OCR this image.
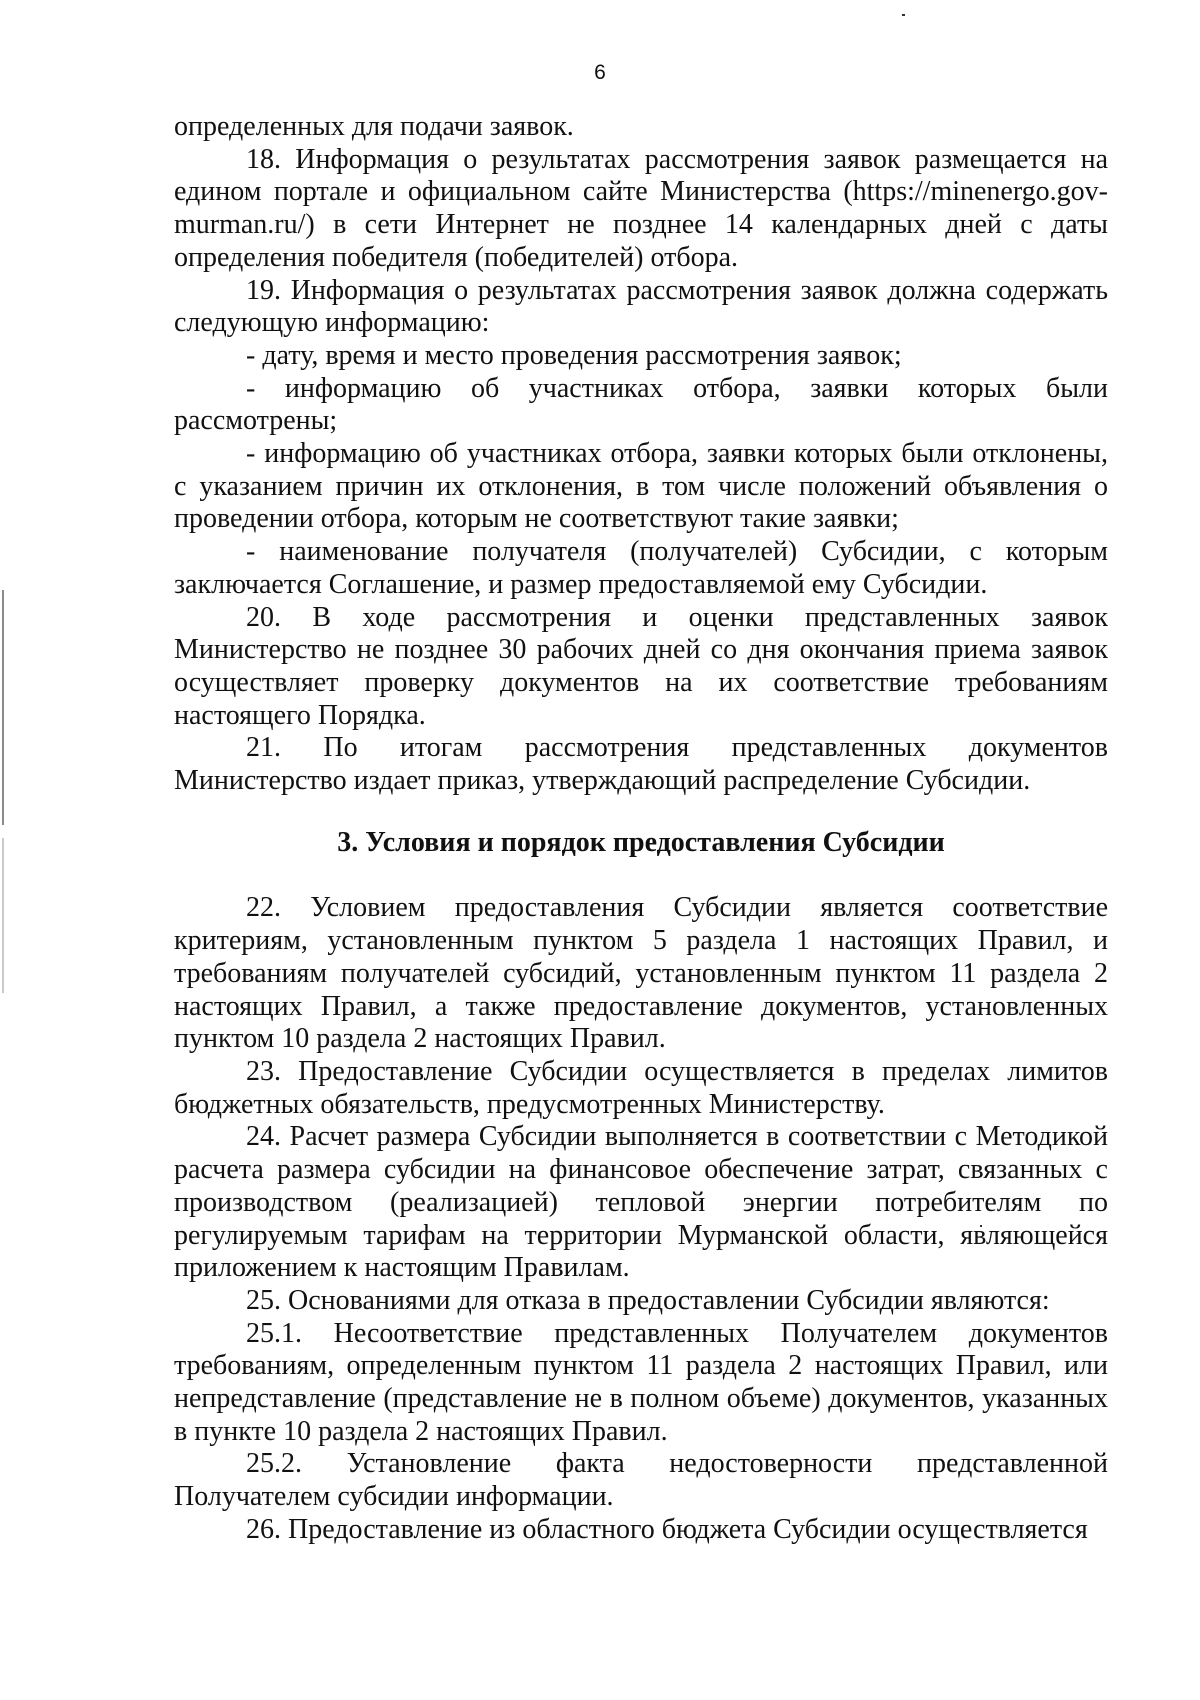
6

определенных для подачи заявок.

18. Информация о результатах рассмотрения заявок размещается на едином портале и официальном сайте Министерства (https://minenergo.gov-murman.ru/) в сети Интернет не позднее 14 календарных дней с даты определения победителя (победителей) отбора.

19. Информация о результатах рассмотрения заявок должна содержать следующую информацию:

- дату, время и место проведения рассмотрения заявок;

- информацию об участниках отбора, заявки которых были рассмотрены;

- информацию об участниках отбора, заявки которых были отклонены, с указанием причин их отклонения, в том числе положений объявления о проведении отбора, которым не соответствуют такие заявки;

- наименование получателя (получателей) Субсидии, с которым заключается Соглашение, и размер предоставляемой ему Субсидии.

20. В ходе рассмотрения и оценки представленных заявок Министерство не позднее 30 рабочих дней со дня окончания приема заявок осуществляет проверку документов на их соответствие требованиям настоящего Порядка.

21. По итогам рассмотрения представленных документов Министерство издает приказ, утверждающий распределение Субсидии.

3. Условия и порядок предоставления Субсидии

22. Условием предоставления Субсидии является соответствие критериям, установленным пунктом 5 раздела 1 настоящих Правил, и требованиям получателей субсидий, установленным пунктом 11 раздела 2 настоящих Правил, а также предоставление документов, установленных пунктом 10 раздела 2 настоящих Правил.

23. Предоставление Субсидии осуществляется в пределах лимитов бюджетных обязательств, предусмотренных Министерству.

24. Расчет размера Субсидии выполняется в соответствии с Методикой расчета размера субсидии на финансовое обеспечение затрат, связанных с производством (реализацией) тепловой энергии потребителям по регулируемым тарифам на территории Мурманской области, являющейся приложением к настоящим Правилам.

25. Основаниями для отказа в предоставлении Субсидии являются:

25.1. Несоответствие представленных Получателем документов требованиям, определенным пунктом 11 раздела 2 настоящих Правил, или непредставление (представление не в полном объеме) документов, указанных в пункте 10 раздела 2 настоящих Правил.

25.2. Установление факта недостоверности представленной Получателем субсидии информации.

26. Предоставление из областного бюджета Субсидии осуществляется
